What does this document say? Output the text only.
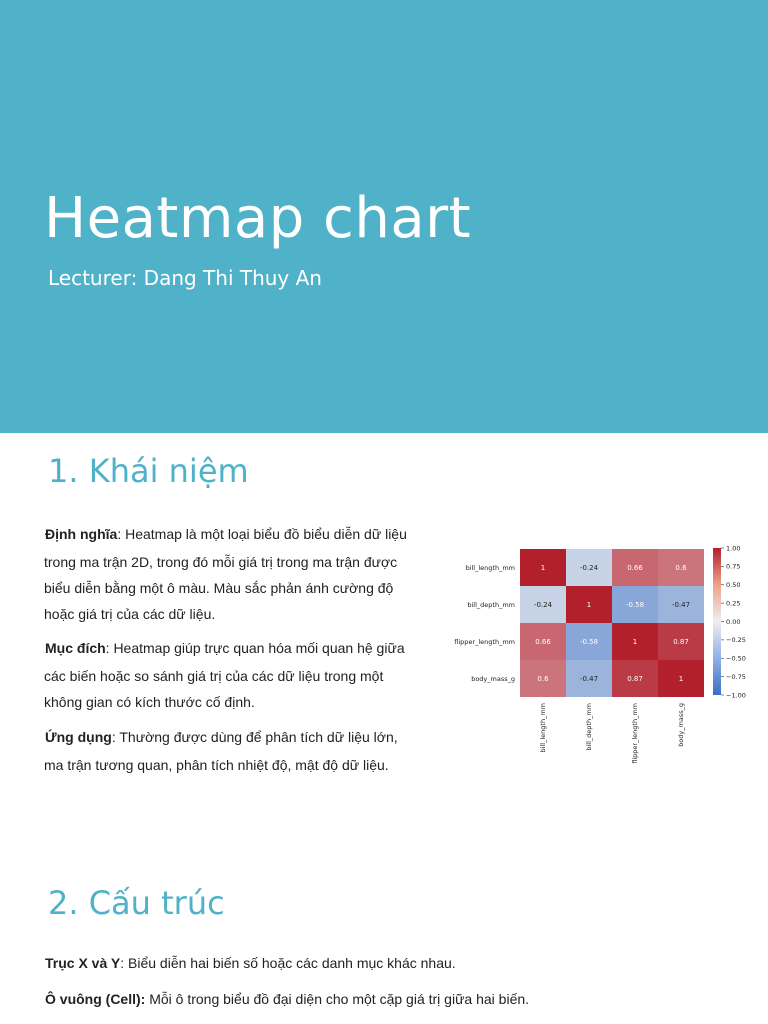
Heatmap chart
Lecturer: Dang Thi Thuy An
1. Khái niệm
Định nghĩa: Heatmap là một loại biểu đồ biểu diễn dữ liệu trong ma trận 2D, trong đó mỗi giá trị trong ma trận được biểu diễn bằng một ô màu. Màu sắc phản ánh cường độ hoặc giá trị của các dữ liệu.
Mục đích: Heatmap giúp trực quan hóa mối quan hệ giữa các biến hoặc so sánh giá trị của các dữ liệu trong một không gian có kích thước cố định.
Ứng dụng: Thường được dùng để phân tích dữ liệu lớn, ma trận tương quan, phân tích nhiệt độ, mật độ dữ liệu.
1	-0.24	0.66	0.6
-0.24	1	-0.58	-0.47
0.66	-0.58	1	0.87
0.6	-0.47	0.87	1
bill_length_mm
bill_depth_mm
flipper_length_mm
body_mass_g
bill_length_mm	bill_depth_mm	flipper_length_mm	body_mass_g
1.00
0.75
0.50
0.25
0.00
−0.25
−0.50
−0.75
−1.00
2. Cấu trúc
Trục X và Y: Biểu diễn hai biến số hoặc các danh mục khác nhau.
Ô vuông (Cell): Mỗi ô trong biểu đồ đại diện cho một cặp giá trị giữa hai biến.
